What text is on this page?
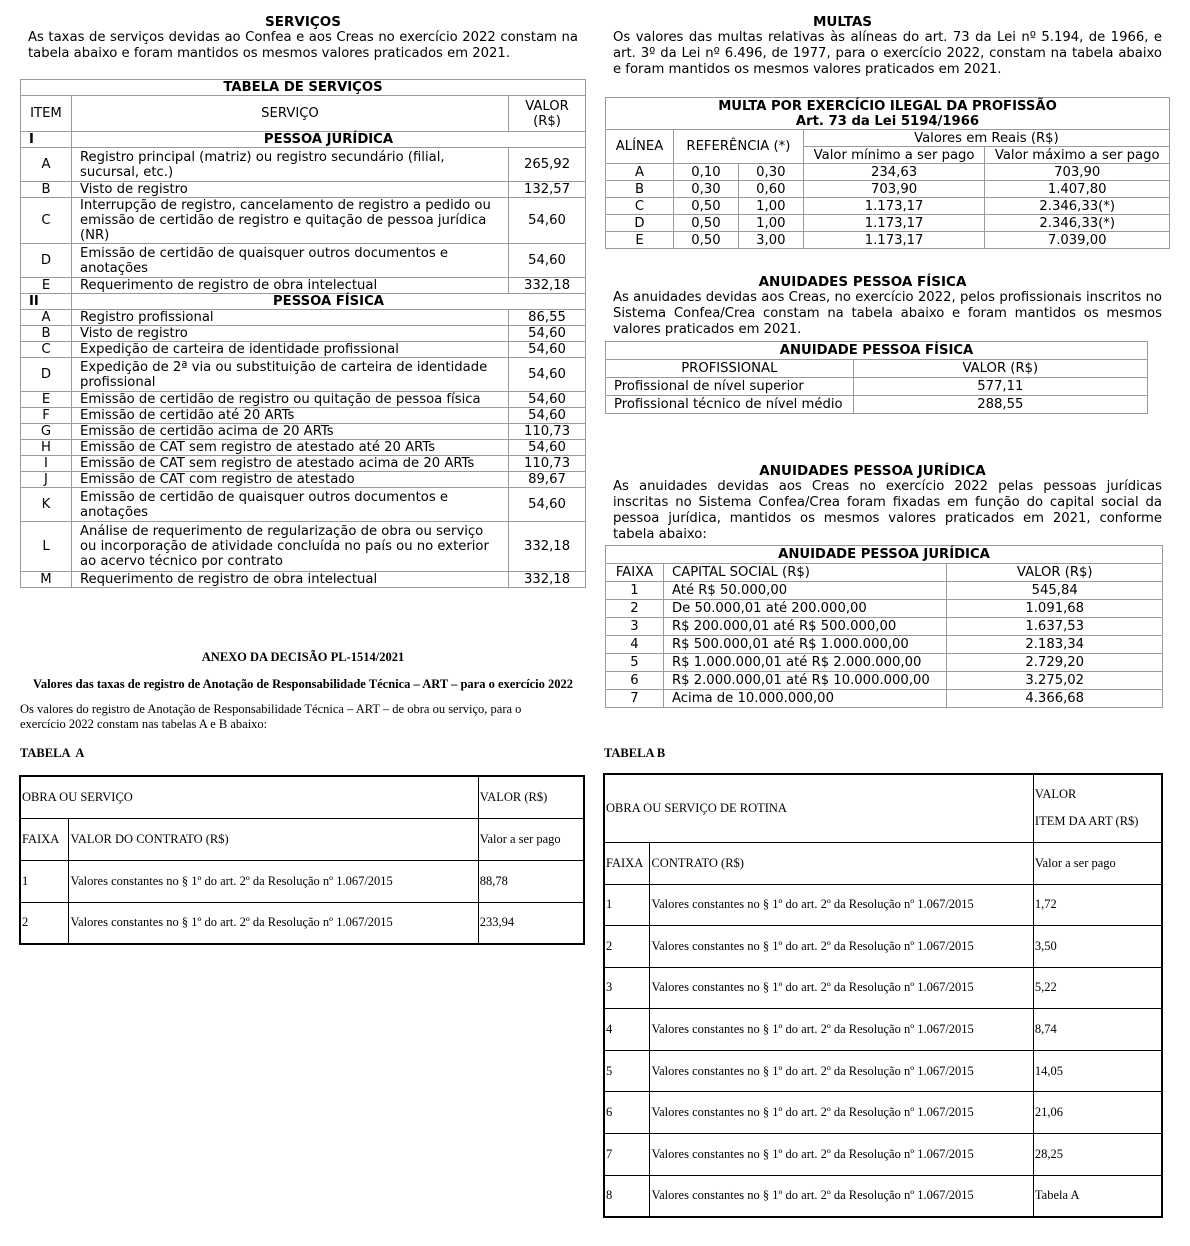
SERVIÇOS
As taxas de serviços devidas ao Confea e aos Creas no exercício 2022 constam na tabela abaixo e foram mantidos os mesmos valores praticados em 2021.
TABELA DE SERVIÇOS		
ITEM	SERVIÇO	VALOR (R$)
I	PESSOA JURÍDICA	
A	Registro principal (matriz) ou registro secundário (filial, sucursal, etc.)	265,92
B	Visto de registro	132,57
C	Interrupção de registro, cancelamento de registro a pedido ou emissão de certidão de registro e quitação de pessoa jurídica (NR)	54,60
D	Emissão de certidão de quaisquer outros documentos e anotações	54,60
E	Requerimento de registro de obra intelectual	332,18
II	PESSOA FÍSICA	
A	Registro profissional	86,55
B	Visto de registro	54,60
C	Expedição de carteira de identidade profissional	54,60
D	Expedição de 2ª via ou substituição de carteira de identidade profissional	54,60
E	Emissão de certidão de registro ou quitação de pessoa física	54,60
F	Emissão de certidão até 20 ARTs	54,60
G	Emissão de certidão acima de 20 ARTs	110,73
H	Emissão de CAT sem registro de atestado até 20 ARTs	54,60
I	Emissão de CAT sem registro de atestado acima de 20 ARTs	110,73
J	Emissão de CAT com registro de atestado	89,67
K	Emissão de certidão de quaisquer outros documentos e anotações	54,60
L	Análise de requerimento de regularização de obra ou serviço ou incorporação de atividade concluída no país ou no exterior ao acervo técnico por contrato	332,18
M	Requerimento de registro de obra intelectual	332,18
MULTAS
Os valores das multas relativas às alíneas do art. 73 da Lei nº 5.194, de 1966, e art. 3º da Lei nº 6.496, de 1977, para o exercício 2022, constam na tabela abaixo e foram mantidos os mesmos valores praticados em 2021.
MULTA POR EXERCÍCIO ILEGAL DA PROFISSÃO
Art. 73 da Lei 5194/1966				

ALÍNEA	REFERÊNCIA (*)		Valores em Reais (R$)	
			Valor mínimo a ser pago	Valor máximo a ser pago
A	0,10	0,30	234,63	703,90
B	0,30	0,60	703,90	1.407,80
C	0,50	1,00	1.173,17	2.346,33(*)
D	0,50	1,00	1.173,17	2.346,33(*)
E	0,50	3,00	1.173,17	7.039,00
ANUIDADES PESSOA FÍSICA
As anuidades devidas aos Creas, no exercício 2022, pelos profissionais inscritos no Sistema Confea/Crea constam na tabela abaixo e foram mantidos os mesmos valores praticados em 2021.
ANUIDADE PESSOA FÍSICA	
PROFISSIONAL	VALOR (R$)
Profissional de nível superior	577,11
Profissional técnico de nível médio	288,55
ANUIDADES PESSOA JURÍDICA
As anuidades devidas aos Creas no exercício 2022 pelas pessoas jurídicas inscritas no Sistema Confea/Crea foram fixadas em função do capital social da pessoa jurídica, mantidos os mesmos valores praticados em 2021, conforme tabela abaixo:
ANUIDADE PESSOA JURÍDICA		
FAIXA	CAPITAL SOCIAL (R$)	VALOR (R$)
1	Até R$ 50.000,00	545,84
2	De 50.000,01 até 200.000,00	1.091,68
3	R$ 200.000,01 até R$ 500.000,00	1.637,53
4	R$ 500.000,01 até R$ 1.000.000,00	2.183,34
5	R$ 1.000.000,01 até R$ 2.000.000,00	2.729,20
6	R$ 2.000.000,01 até R$ 10.000.000,00	3.275,02
7	Acima de 10.000.000,00	4.366,68
ANEXO DA DECISÃO PL-1514/2021
Valores das taxas de registro de Anotação de Responsabilidade Técnica – ART – para o exercício 2022
Os valores do registro de Anotação de Responsabilidade Técnica – ART – de obra ou serviço, para o exercício 2022 constam nas tabelas A e B abaixo:
TABELA  A
OBRA OU SERVIÇO		VALOR (R$)
FAIXA	VALOR DO CONTRATO (R$)	Valor a ser pago
1	Valores constantes no § 1º do art. 2º da Resolução nº 1.067/2015	88,78
2	Valores constantes no § 1º do art. 2º da Resolução nº 1.067/2015	233,94
TABELA B
OBRA OU SERVIÇO DE ROTINA		VALOR
ITEM DA ART (R$)

FAIXA	CONTRATO (R$)	Valor a ser pago
1	Valores constantes no § 1º do art. 2º da Resolução nº 1.067/2015	1,72
2	Valores constantes no § 1º do art. 2º da Resolução nº 1.067/2015	3,50
3	Valores constantes no § 1º do art. 2º da Resolução nº 1.067/2015	5,22
4	Valores constantes no § 1º do art. 2º da Resolução nº 1.067/2015	8,74
5	Valores constantes no § 1º do art. 2º da Resolução nº 1.067/2015	14,05
6	Valores constantes no § 1º do art. 2º da Resolução nº 1.067/2015	21,06
7	Valores constantes no § 1º do art. 2º da Resolução nº 1.067/2015	28,25
8	Valores constantes no § 1º do art. 2º da Resolução nº 1.067/2015	Tabela A
